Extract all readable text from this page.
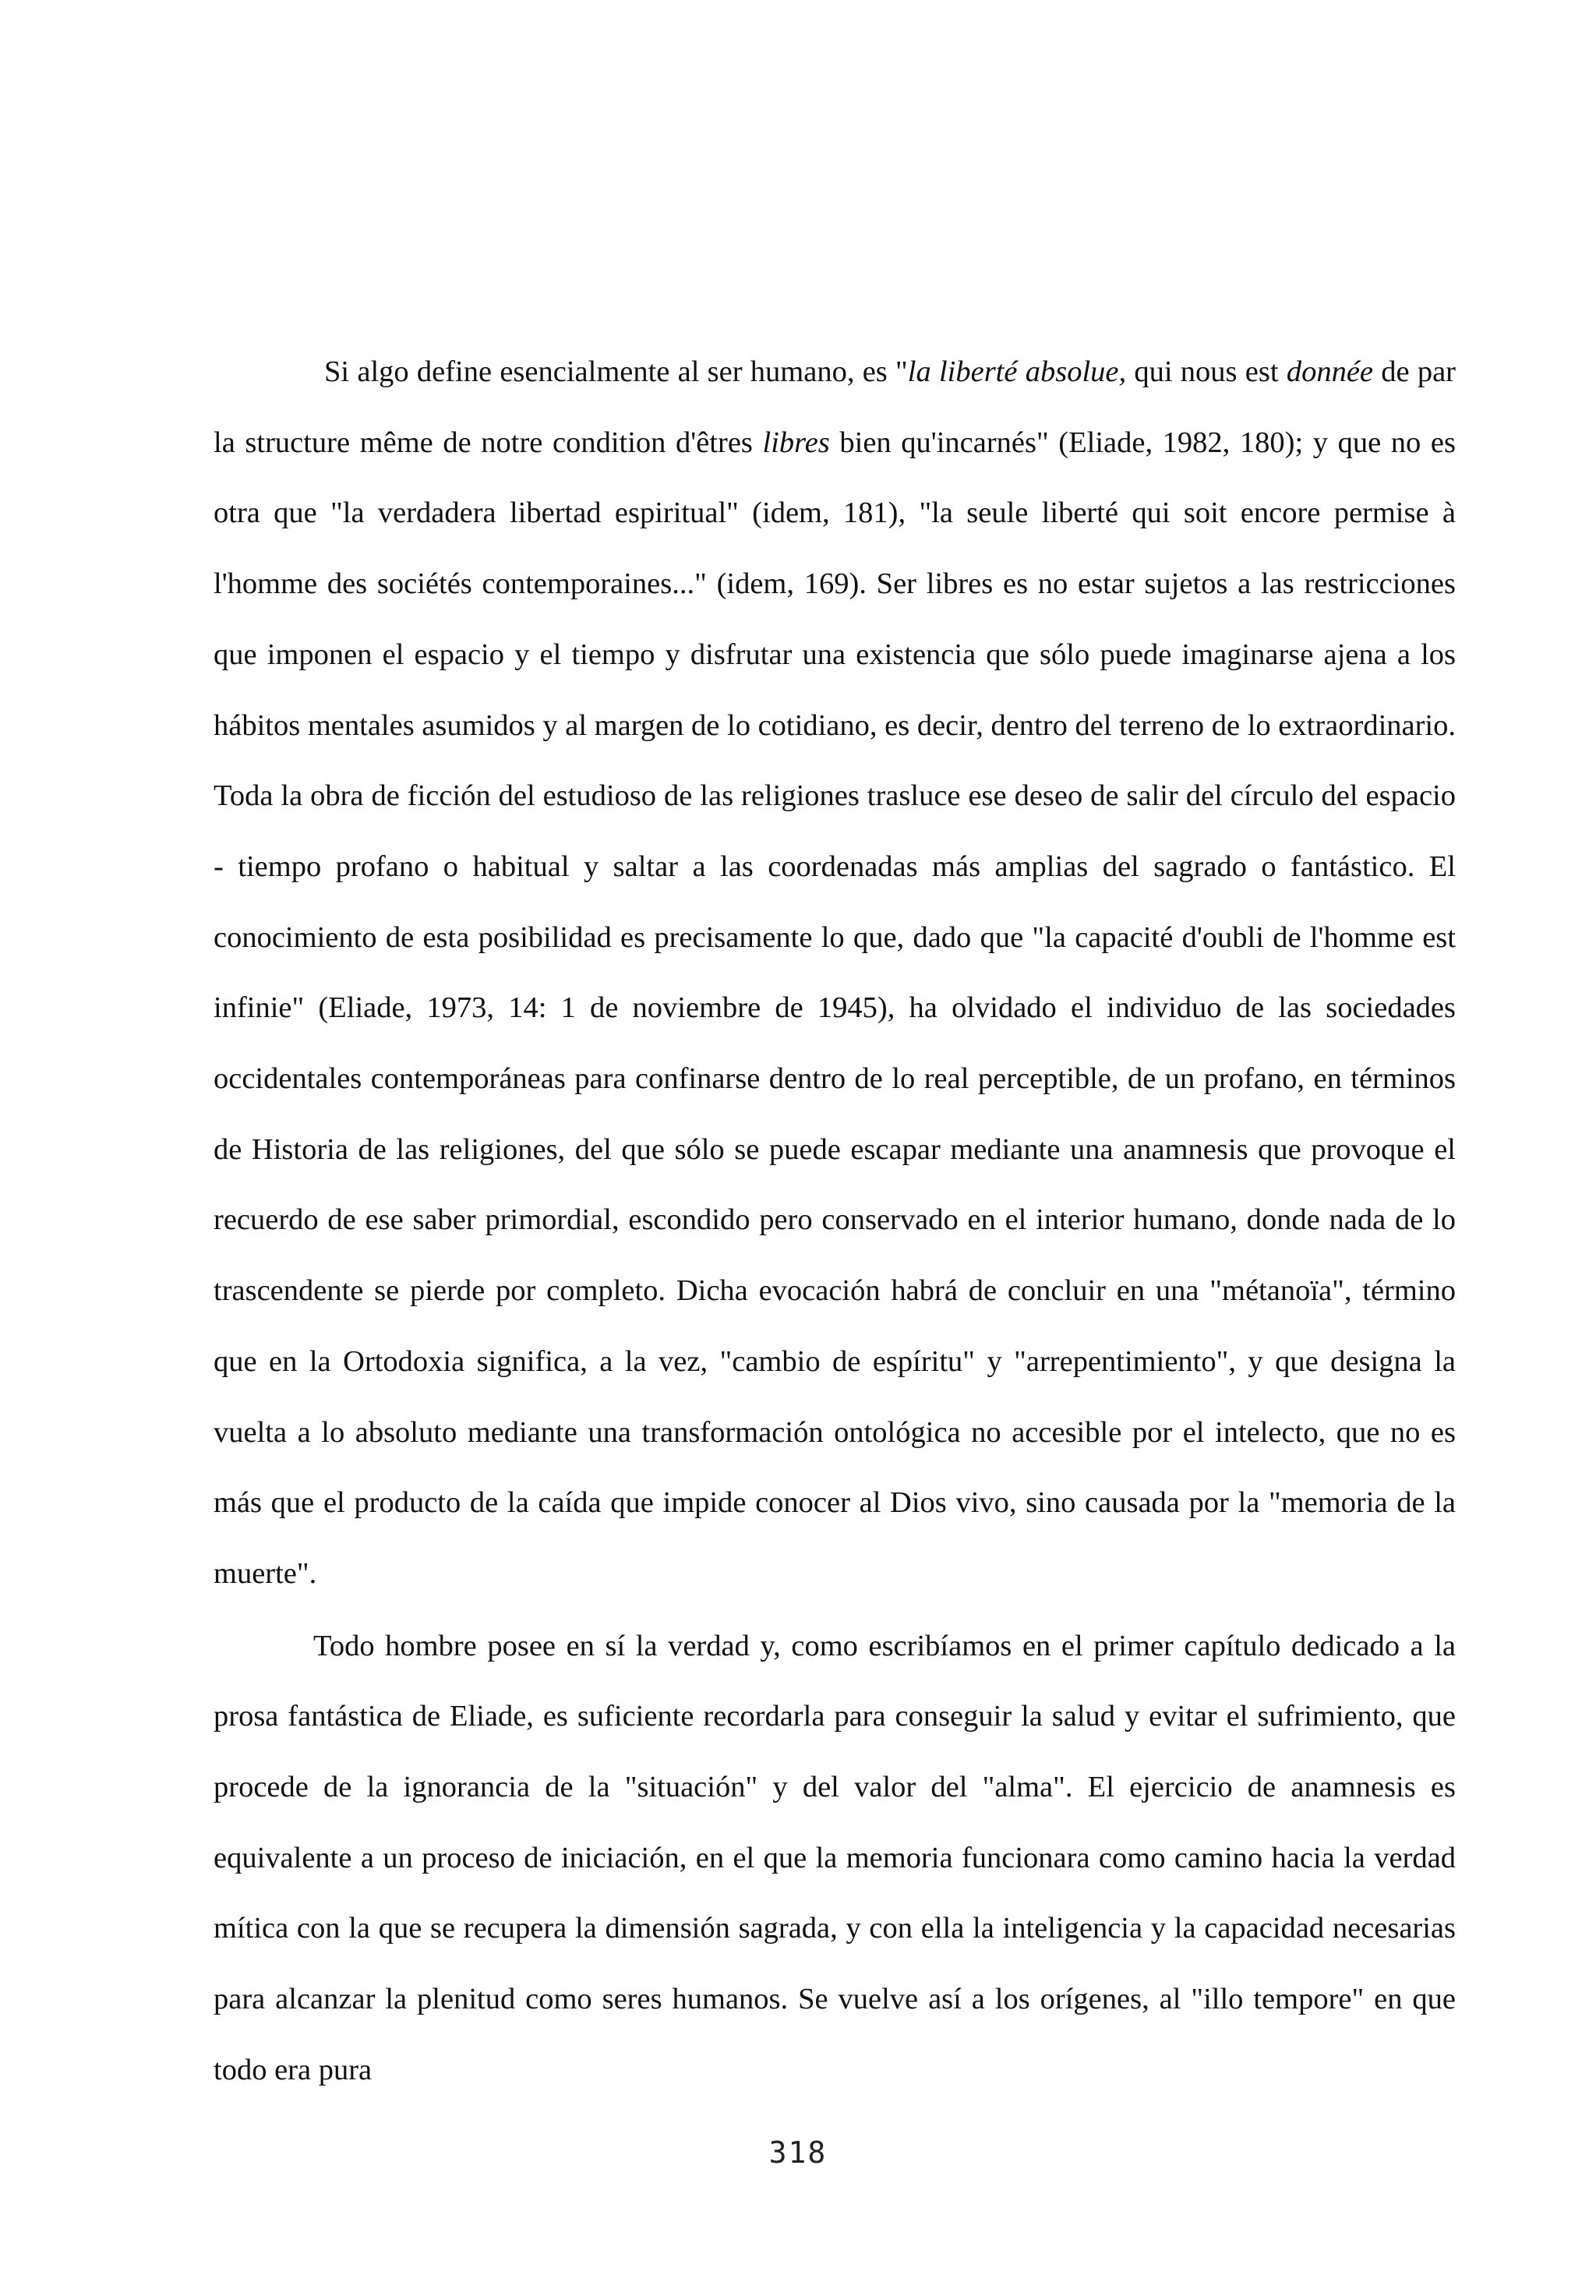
Si algo define esencialmente al ser humano, es "la liberté absolue, qui nous est donnée de par la structure même de notre condition d'êtres libres bien qu'incarnés" (Eliade, 1982, 180); y que no es otra que "la verdadera libertad espiritual" (idem, 181), "la seule liberté qui soit encore permise à l'homme des sociétés contemporaines..." (idem, 169). Ser libres es no estar sujetos a las restricciones que imponen el espacio y el tiempo y disfrutar una existencia que sólo puede imaginarse ajena a los hábitos mentales asumidos y al margen de lo cotidiano, es decir, dentro del terreno de lo extraordinario. Toda la obra de ficción del estudioso de las religiones trasluce ese deseo de salir del círculo del espacio - tiempo profano o habitual y saltar a las coordenadas más amplias del sagrado o fantástico. El conocimiento de esta posibilidad es precisamente lo que, dado que "la capacité d'oubli de l'homme est infinie" (Eliade, 1973, 14: 1 de noviembre de 1945), ha olvidado el individuo de las sociedades occidentales contemporáneas para confinarse dentro de lo real perceptible, de un profano, en términos de Historia de las religiones, del que sólo se puede escapar mediante una anamnesis que provoque el recuerdo de ese saber primordial, escondido pero conservado en el interior humano, donde nada de lo trascendente se pierde por completo. Dicha evocación habrá de concluir en una "métanoïa", término que en la Ortodoxia significa, a la vez, "cambio de espíritu" y "arrepentimiento", y que designa la vuelta a lo absoluto mediante una transformación ontológica no accesible por el intelecto, que no es más que el producto de la caída que impide conocer al Dios vivo, sino causada por la "memoria de la muerte".

Todo hombre posee en sí la verdad y, como escribíamos en el primer capítulo dedicado a la prosa fantástica de Eliade, es suficiente recordarla para conseguir la salud y evitar el sufrimiento, que procede de la ignorancia de la "situación" y del valor del "alma". El ejercicio de anamnesis es equivalente a un proceso de iniciación, en el que la memoria funcionara como camino hacia la verdad mítica con la que se recupera la dimensión sagrada, y con ella la inteligencia y la capacidad necesarias para alcanzar la plenitud como seres humanos. Se vuelve así a los orígenes, al "illo tempore" en que todo era pura

318
